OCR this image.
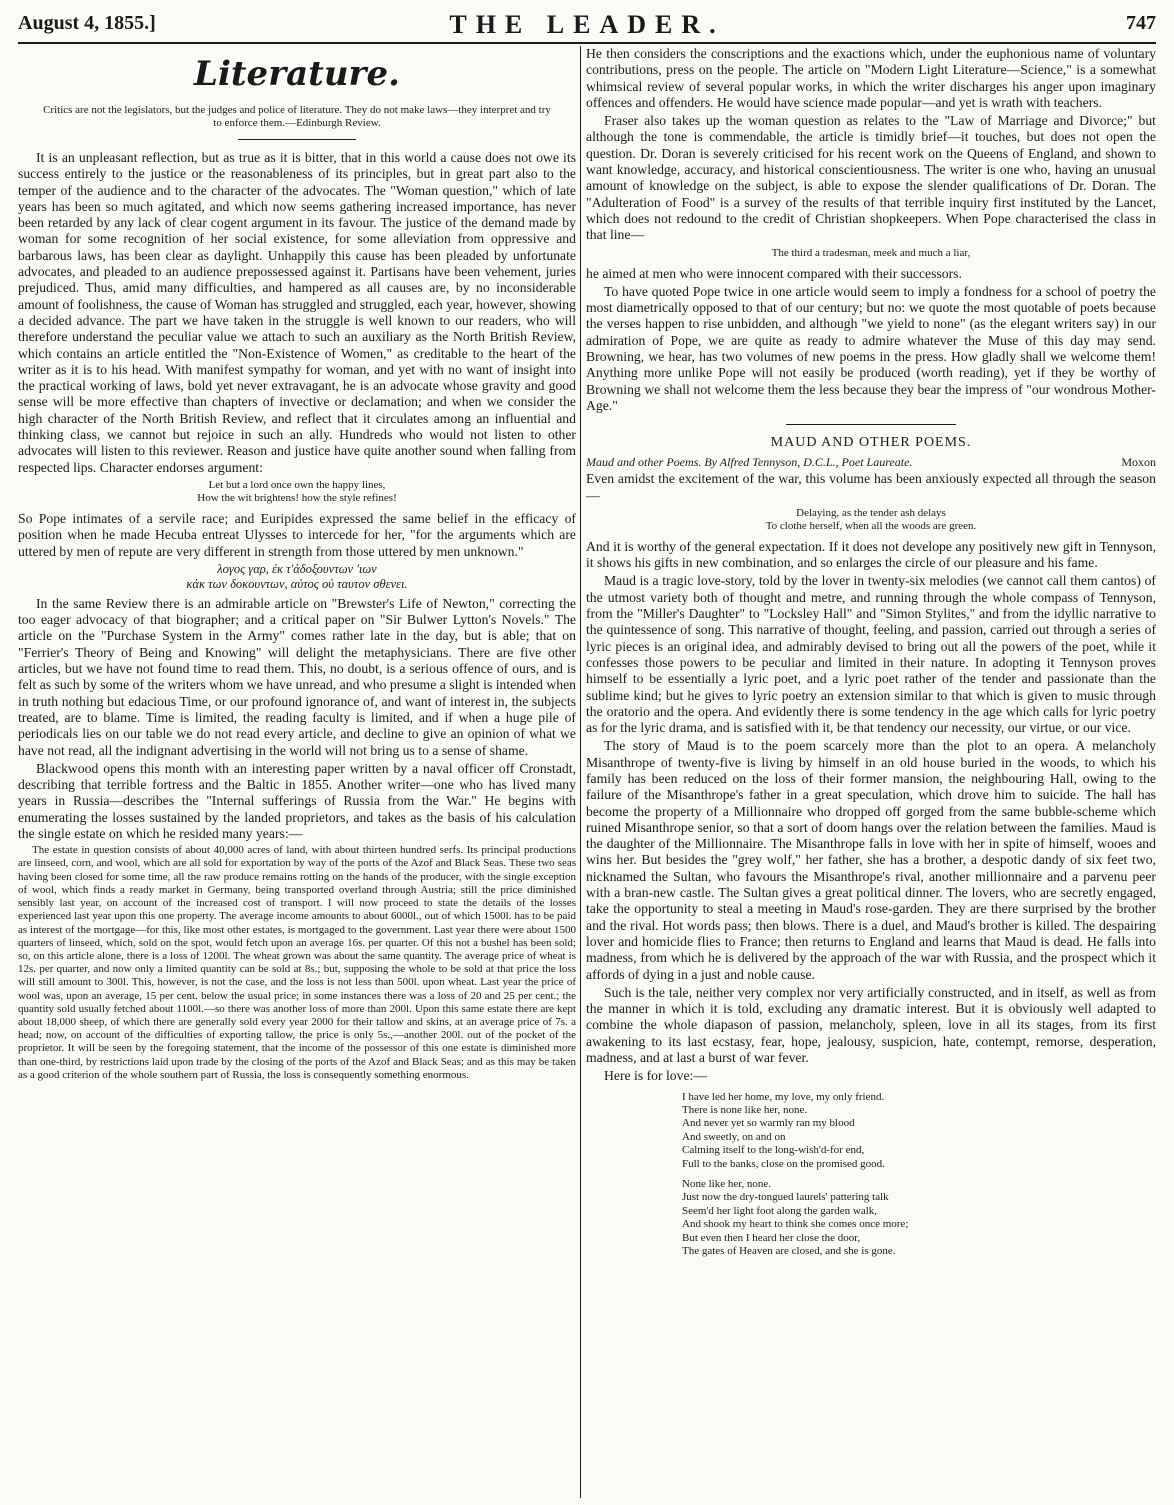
August 4, 1855.]	THE LEADER.	747
Literature.
Critics are not the legislators, but the judges and police of literature. They do not make laws—they interpret and try to enforce them.—Edinburgh Review.

It is an unpleasant reflection, but as true as it is bitter, that in this world a cause does not owe its success entirely to the justice or the reasonableness of its principles, but in great part also to the temper of the audience and to the character of the advocates. The "Woman question," which of late years has been so much agitated, and which now seems gathering increased importance, has never been retarded by any lack of clear cogent argument in its favour. The justice of the demand made by woman for some recognition of her social existence, for some alleviation from oppressive and barbarous laws, has been clear as daylight. Unhappily this cause has been pleaded by unfortunate advocates, and pleaded to an audience prepossessed against it. Partisans have been vehement, juries prejudiced. Thus, amid many difficulties, and hampered as all causes are, by no inconsiderable amount of foolishness, the cause of Woman has struggled and struggled, each year, however, showing a decided advance. The part we have taken in the struggle is well known to our readers, who will therefore understand the peculiar value we attach to such an auxiliary as the North British Review, which contains an article entitled the "Non-Existence of Women," as creditable to the heart of the writer as it is to his head. With manifest sympathy for woman, and yet with no want of insight into the practical working of laws, bold yet never extravagant, he is an advocate whose gravity and good sense will be more effective than chapters of invective or declamation; and when we consider the high character of the North British Review, and reflect that it circulates among an influential and thinking class, we cannot but rejoice in such an ally. Hundreds who would not listen to other advocates will listen to this reviewer. Reason and justice have quite another sound when falling from respected lips. Character endorses argument:

Let but a lord once own the happy lines,
How the wit brightens! how the style refines!

So Pope intimates of a servile race; and Euripides expressed the same belief in the efficacy of position when he made Hecuba entreat Ulysses to intercede for her, "for the arguments which are uttered by men of repute are very different in strength from those uttered by men unknown."

λογος γαρ, ἐκ τ'ἀδοξουντων 'ιων
κἀκ των δοκουντων, αὐτος οὐ ταυτον σθενει.

In the same Review there is an admirable article on "Brewster's Life of Newton," correcting the too eager advocacy of that biographer; and a critical paper on "Sir Bulwer Lytton's Novels." The article on the "Purchase System in the Army" comes rather late in the day, but is able; that on "Ferrier's Theory of Being and Knowing" will delight the metaphysicians. There are five other articles, but we have not found time to read them. This, no doubt, is a serious offence of ours, and is felt as such by some of the writers whom we have unread, and who presume a slight is intended when in truth nothing but edacious Time, or our profound ignorance of, and want of interest in, the subjects treated, are to blame. Time is limited, the reading faculty is limited, and if when a huge pile of periodicals lies on our table we do not read every article, and decline to give an opinion of what we have not read, all the indignant advertising in the world will not bring us to a sense of shame.

Blackwood opens this month with an interesting paper written by a naval officer off Cronstadt, describing that terrible fortress and the Baltic in 1855. Another writer—one who has lived many years in Russia—describes the "Internal sufferings of Russia from the War." He begins with enumerating the losses sustained by the landed proprietors, and takes as the basis of his calculation the single estate on which he resided many years:—

The estate in question consists of about 40,000 acres of land, with about thirteen hundred serfs. Its principal productions are linseed, corn, and wool, which are all sold for exportation by way of the ports of the Azof and Black Seas. These two seas having been closed for some time, all the raw produce remains rotting on the hands of the producer, with the single exception of wool, which finds a ready market in Germany, being transported overland through Austria; still the price diminished sensibly last year, on account of the increased cost of transport. I will now proceed to state the details of the losses experienced last year upon this one property. The average income amounts to about 6000l., out of which 1500l. has to be paid as interest of the mortgage—for this, like most other estates, is mortgaged to the government. Last year there were about 1500 quarters of linseed, which, sold on the spot, would fetch upon an average 16s. per quarter. Of this not a bushel has been sold; so, on this article alone, there is a loss of 1200l. The wheat grown was about the same quantity. The average price of wheat is 12s. per quarter, and now only a limited quantity can be sold at 8s.; but, supposing the whole to be sold at that price the loss will still amount to 300l. This, however, is not the case, and the loss is not less than 500l. upon wheat. Last year the price of wool was, upon an average, 15 per cent. below the usual price; in some instances there was a loss of 20 and 25 per cent.; the quantity sold usually fetched about 1100l.—so there was another loss of more than 200l. Upon this same estate there are kept about 18,000 sheep, of which there are generally sold every year 2000 for their tallow and skins, at an average price of 7s. a head; now, on account of the difficulties of exporting tallow, the price is only 5s.,—another 200l. out of the pocket of the proprietor. It will be seen by the foregoing statement, that the income of the possessor of this one estate is diminished more than one-third, by restrictions laid upon trade by the closing of the ports of the Azof and Black Seas; and as this may be taken as a good criterion of the whole southern part of Russia, the loss is consequently something enormous.

He then considers the conscriptions and the exactions which, under the euphonious name of voluntary contributions, press on the people. The article on "Modern Light Literature—Science," is a somewhat whimsical review of several popular works, in which the writer discharges his anger upon imaginary offences and offenders. He would have science made popular—and yet is wrath with teachers.

Fraser also takes up the woman question as relates to the "Law of Marriage and Divorce;" but although the tone is commendable, the article is timidly brief—it touches, but does not open the question. Dr. Doran is severely criticised for his recent work on the Queens of England, and shown to want knowledge, accuracy, and historical conscientiousness. The writer is one who, having an unusual amount of knowledge on the subject, is able to expose the slender qualifications of Dr. Doran. The "Adulteration of Food" is a survey of the results of that terrible inquiry first instituted by the Lancet, which does not redound to the credit of Christian shopkeepers. When Pope characterised the class in that line—

The third a tradesman, meek and much a liar,

he aimed at men who were innocent compared with their successors.

To have quoted Pope twice in one article would seem to imply a fondness for a school of poetry the most diametrically opposed to that of our century; but no: we quote the most quotable of poets because the verses happen to rise unbidden, and although "we yield to none" (as the elegant writers say) in our admiration of Pope, we are quite as ready to admire whatever the Muse of this day may send. Browning, we hear, has two volumes of new poems in the press. How gladly shall we welcome them! Anything more unlike Pope will not easily be produced (worth reading), yet if they be worthy of Browning we shall not welcome them the less because they bear the impress of "our wondrous Mother-Age."

MAUD AND OTHER POEMS.
Maud and other Poems. By Alfred Tennyson, D.C.L., Poet Laureate.	Moxon

Even amidst the excitement of the war, this volume has been anxiously expected all through the season—

Delaying, as the tender ash delays
To clothe herself, when all the woods are green.

And it is worthy of the general expectation. If it does not develope any positively new gift in Tennyson, it shows his gifts in new combination, and so enlarges the circle of our pleasure and his fame.

Maud is a tragic love-story, told by the lover in twenty-six melodies (we cannot call them cantos) of the utmost variety both of thought and metre, and running through the whole compass of Tennyson, from the "Miller's Daughter" to "Locksley Hall" and "Simon Stylites," and from the idyllic narrative to the quintessence of song. This narrative of thought, feeling, and passion, carried out through a series of lyric pieces is an original idea, and admirably devised to bring out all the powers of the poet, while it confesses those powers to be peculiar and limited in their nature. In adopting it Tennyson proves himself to be essentially a lyric poet, and a lyric poet rather of the tender and passionate than the sublime kind; but he gives to lyric poetry an extension similar to that which is given to music through the oratorio and the opera. And evidently there is some tendency in the age which calls for lyric poetry as for the lyric drama, and is satisfied with it, be that tendency our necessity, our virtue, or our vice.

The story of Maud is to the poem scarcely more than the plot to an opera. A melancholy Misanthrope of twenty-five is living by himself in an old house buried in the woods, to which his family has been reduced on the loss of their former mansion, the neighbouring Hall, owing to the failure of the Misanthrope's father in a great speculation, which drove him to suicide. The hall has become the property of a Millionnaire who dropped off gorged from the same bubble-scheme which ruined Misanthrope senior, so that a sort of doom hangs over the relation between the families. Maud is the daughter of the Millionnaire. The Misanthrope falls in love with her in spite of himself, wooes and wins her. But besides the "grey wolf," her father, she has a brother, a despotic dandy of six feet two, nicknamed the Sultan, who favours the Misanthrope's rival, another millionnaire and a parvenu peer with a bran-new castle. The Sultan gives a great political dinner. The lovers, who are secretly engaged, take the opportunity to steal a meeting in Maud's rose-garden. They are there surprised by the brother and the rival. Hot words pass; then blows. There is a duel, and Maud's brother is killed. The despairing lover and homicide flies to France; then returns to England and learns that Maud is dead. He falls into madness, from which he is delivered by the approach of the war with Russia, and the prospect which it affords of dying in a just and noble cause.

Such is the tale, neither very complex nor very artificially constructed, and in itself, as well as from the manner in which it is told, excluding any dramatic interest. But it is obviously well adapted to combine the whole diapason of passion, melancholy, spleen, love in all its stages, from its first awakening to its last ecstasy, fear, hope, jealousy, suspicion, hate, contempt, remorse, desperation, madness, and at last a burst of war fever.

Here is for love:—

I have led her home, my love, my only friend.
There is none like her, none.
And never yet so warmly ran my blood
And sweetly, on and on
Calming itself to the long-wish'd-for end,
Full to the banks, close on the promised good.
None like her, none.
Just now the dry-tongued laurels' pattering talk
Seem'd her light foot along the garden walk,
And shook my heart to think she comes once more;
But even then I heard her close the door,
The gates of Heaven are closed, and she is gone.
